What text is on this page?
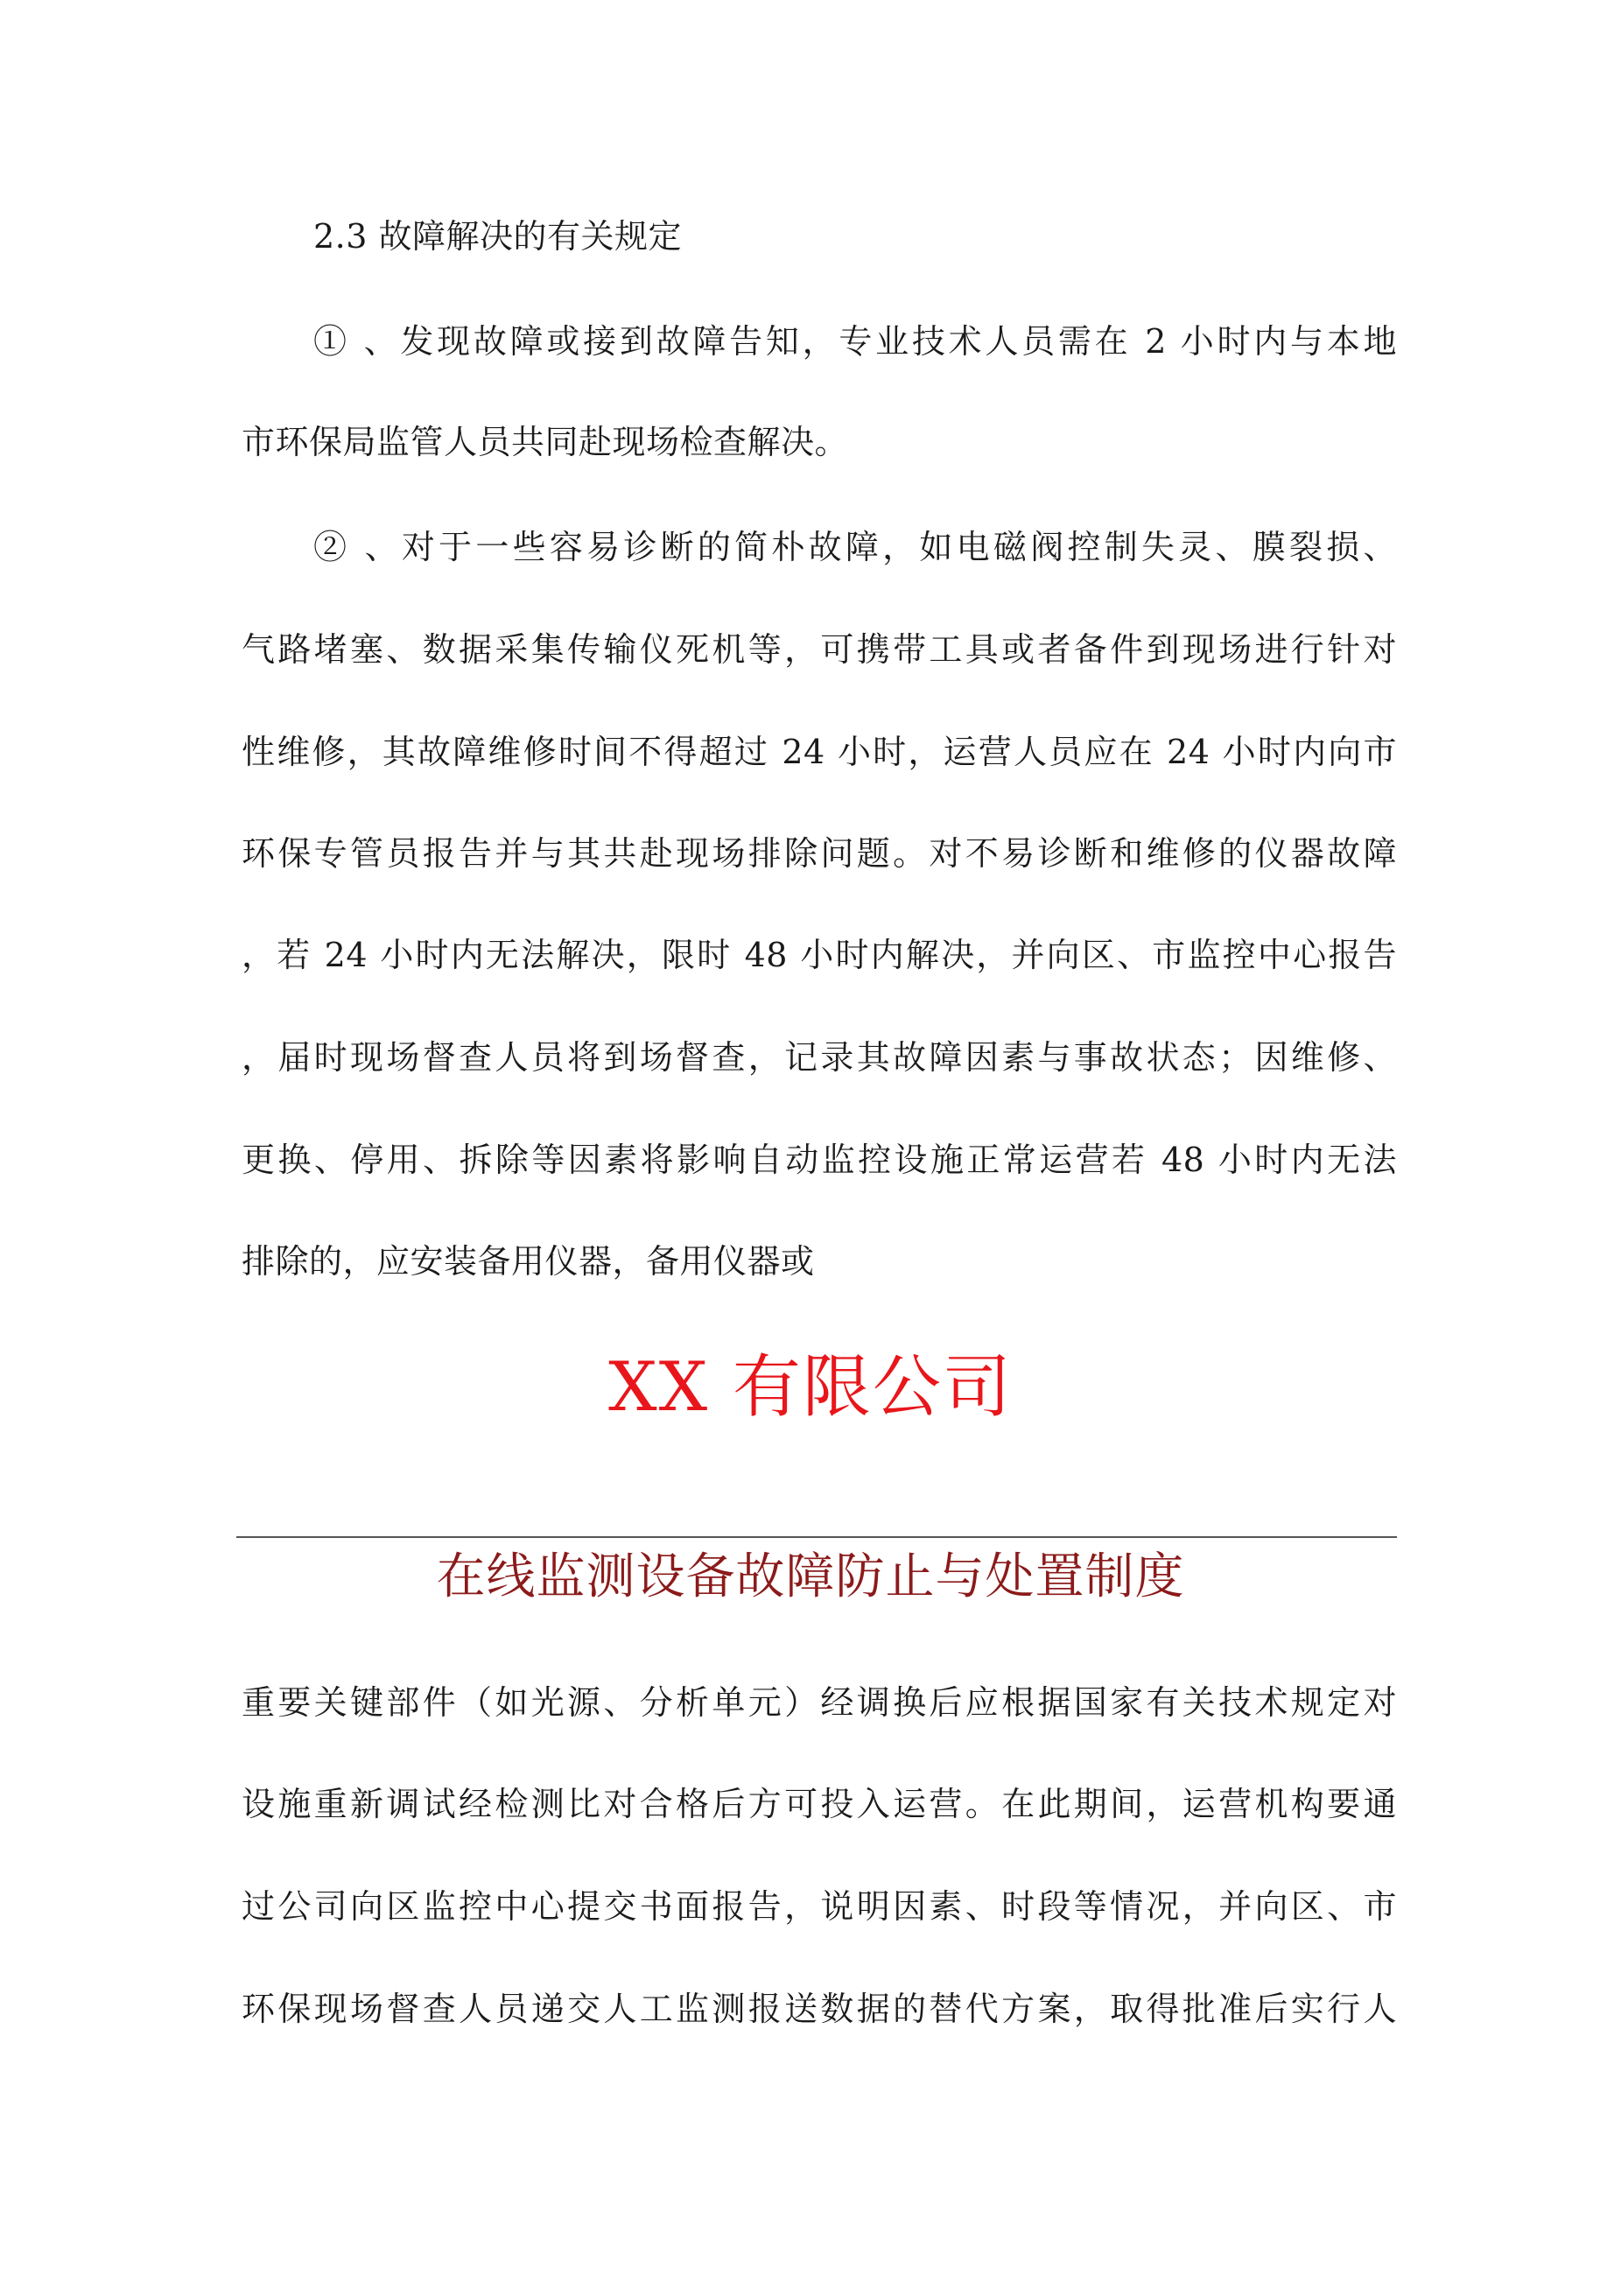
2.3 故障解决的有关规定
① 、发现故障或接到故障告知，专业技术人员需在 2 小时内与本地
市环保局监管人员共同赴现场检查解决。
② 、对于一些容易诊断的简朴故障，如电磁阀控制失灵、膜裂损、
气路堵塞、数据采集传输仪死机等，可携带工具或者备件到现场进行针对
性维修，其故障维修时间不得超过 24 小时，运营人员应在 24 小时内向市
环保专管员报告并与其共赴现场排除问题。对不易诊断和维修的仪器故障
，若 24 小时内无法解决，限时 48 小时内解决，并向区、市监控中心报告
，届时现场督查人员将到场督查，记录其故障因素与事故状态；因维修、
更换、停用、拆除等因素将影响自动监控设施正常运营若 48 小时内无法
排除的，应安装备用仪器，备用仪器或
XX 有限公司
在线监测设备故障防止与处置制度
重要关键部件（如光源、分析单元）经调换后应根据国家有关技术规定对
设施重新调试经检测比对合格后方可投入运营。在此期间，运营机构要通
过公司向区监控中心提交书面报告，说明因素、时段等情况，并向区、市
环保现场督查人员递交人工监测报送数据的替代方案，取得批准后实行人
